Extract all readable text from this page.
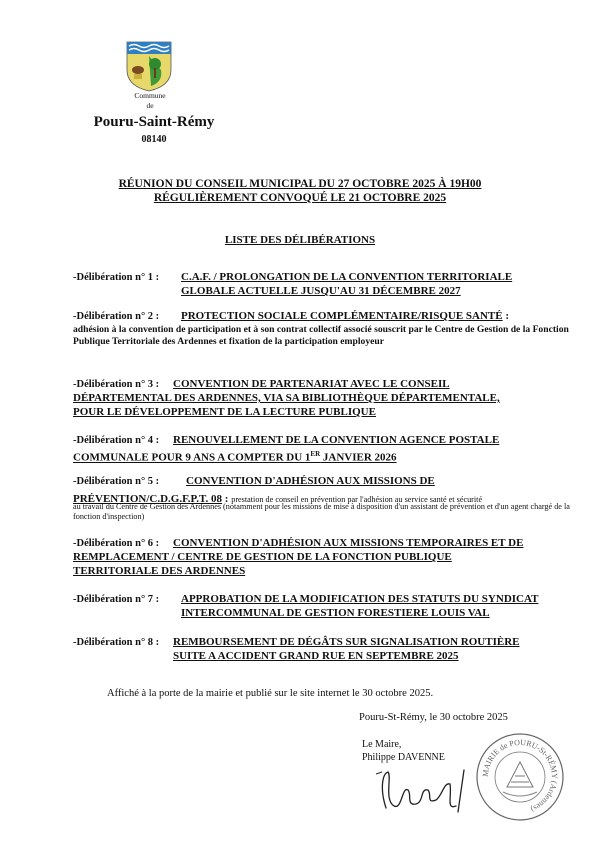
Commune
de
Pouru-Saint-Rémy
08140
RÉUNION DU CONSEIL MUNICIPAL DU 27 OCTOBRE 2025 À 19H00
RÉGULIÈREMENT CONVOQUÉ LE 21 OCTOBRE 2025
LISTE DES DÉLIBÉRATIONS
-Délibération n° 1 : C.A.F. / PROLONGATION DE LA CONVENTION TERRITORIALE
GLOBALE ACTUELLE JUSQU'AU 31 DÉCEMBRE 2027
-Délibération n° 2 : PROTECTION SOCIALE COMPLÉMENTAIRE/RISQUE SANTÉ :
adhésion à la convention de participation et à son contrat collectif associé souscrit par le Centre de Gestion de la Fonction Publique Territoriale des Ardennes et fixation de la participation employeur
-Délibération n° 3 : CONVENTION DE PARTENARIAT AVEC LE CONSEIL
DÉPARTEMENTAL DES ARDENNES, VIA SA BIBLIOTHÈQUE DÉPARTEMENTALE,
POUR LE DÉVELOPPEMENT DE LA LECTURE PUBLIQUE
-Délibération n° 4 : RENOUVELLEMENT DE LA CONVENTION AGENCE POSTALE
COMMUNALE POUR 9 ANS A COMPTER DU 1ER JANVIER 2026
-Délibération n° 5 : CONVENTION D'ADHÉSION AUX MISSIONS DE
PRÉVENTION/C.D.G.F.P.T. 08 : prestation de conseil en prévention par l'adhésion au service santé et sécurité
au travail du Centre de Gestion des Ardennes (notamment pour les missions de mise à disposition d'un assistant de prévention et d'un agent chargé de la fonction d'inspection)
-Délibération n° 6 : CONVENTION D'ADHÉSION AUX MISSIONS TEMPORAIRES ET DE
REMPLACEMENT / CENTRE DE GESTION DE LA FONCTION PUBLIQUE
TERRITORIALE DES ARDENNES
-Délibération n° 7 : APPROBATION DE LA MODIFICATION DES STATUTS DU SYNDICAT
INTERCOMMUNAL DE GESTION FORESTIERE LOUIS VAL
-Délibération n° 8 : REMBOURSEMENT DE DÉGÂTS SUR SIGNALISATION ROUTIÈRE
SUITE A ACCIDENT GRAND RUE EN SEPTEMBRE 2025
Affiché à la porte de la mairie et publié sur le site internet le 30 octobre 2025.
Pouru-St-Rémy, le 30 octobre 2025
Le Maire,
Philippe DAVENNE
MAIRIE de POURU-St-RÉMY (Ardennes)
